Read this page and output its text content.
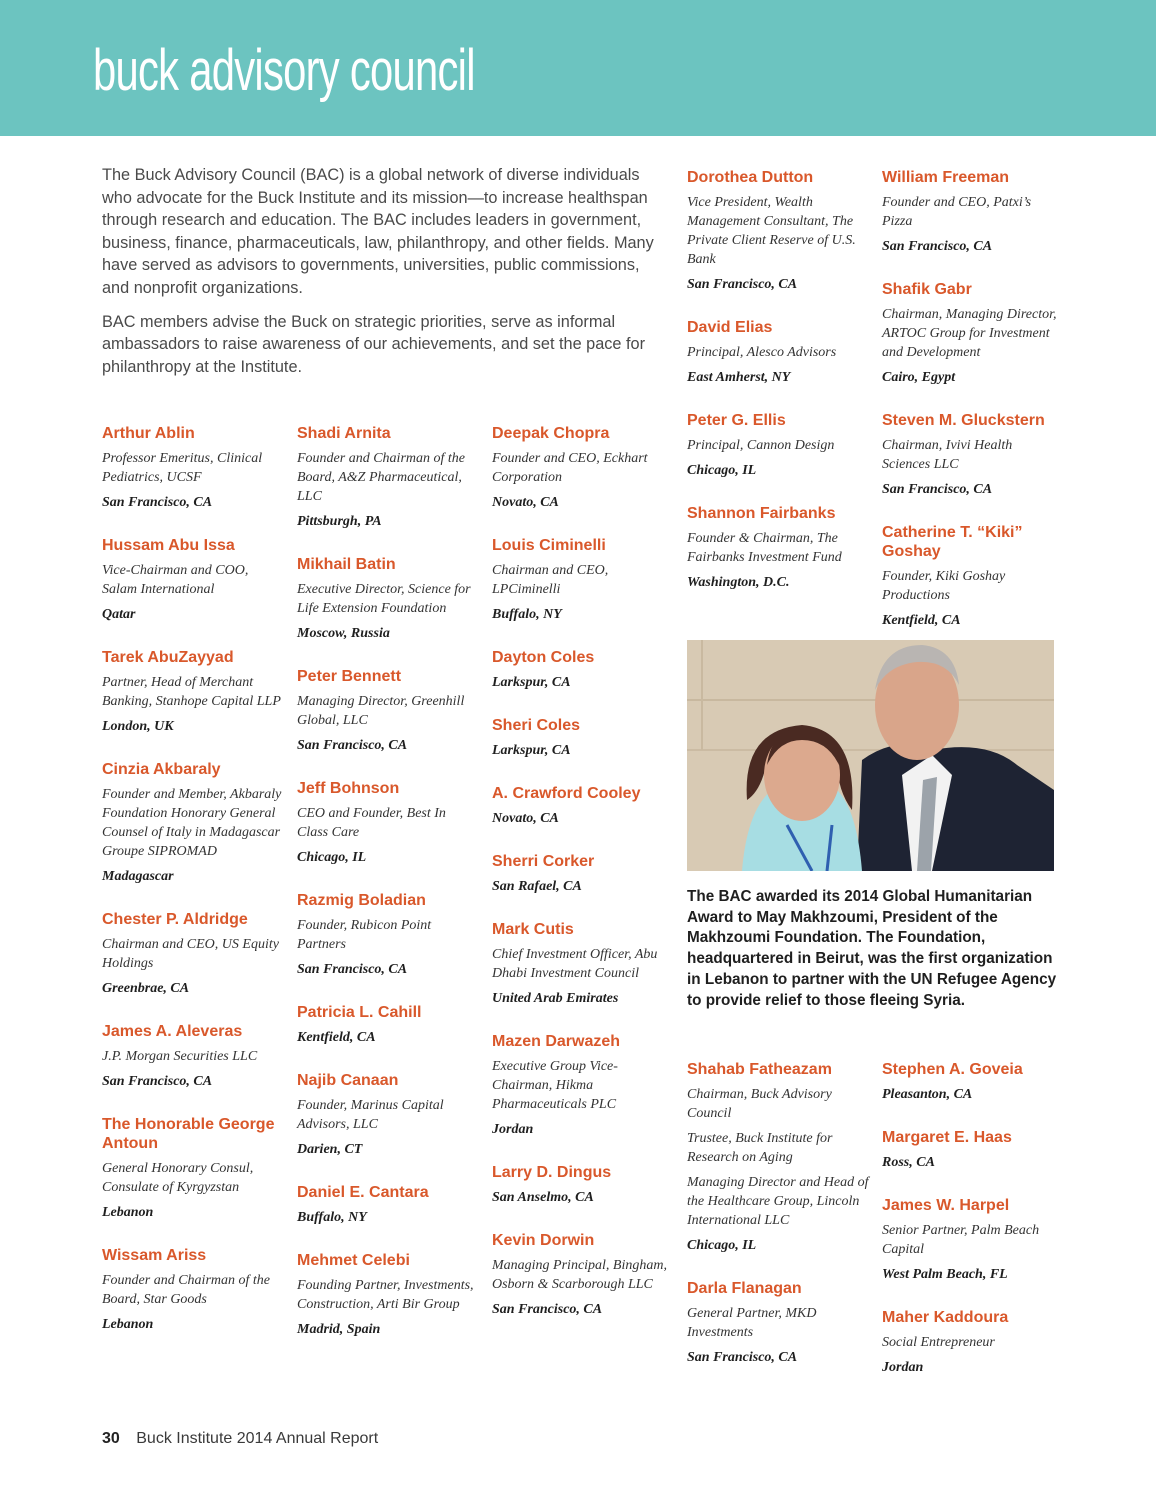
buck advisory council

The Buck Advisory Council (BAC) is a global network of diverse individuals who advocate for the Buck Institute and its mission—to increase healthspan through research and education. The BAC includes leaders in government, business, finance, pharmaceuticals, law, philanthropy, and other fields. Many have served as advisors to governments, universities, public commissions, and nonprofit organizations.

BAC members advise the Buck on strategic priorities, serve as informal ambassadors to raise awareness of our achievements, and set the pace for philanthropy at the Institute.

Arthur Ablin
Professor Emeritus, Clinical Pediatrics, UCSF
San Francisco, CA
Hussam Abu Issa
Vice-Chairman and COO, Salam International
Qatar
Tarek AbuZayyad
Partner, Head of Merchant Banking, Stanhope Capital LLP
London, UK
Cinzia Akbaraly
Founder and Member, Akbaraly Foundation Honorary General Counsel of Italy in Madagascar Groupe SIPROMAD
Madagascar
Chester P. Aldridge
Chairman and CEO, US Equity Holdings
Greenbrae, CA
James A. Aleveras
J.P. Morgan Securities LLC
San Francisco, CA
The Honorable George Antoun
General Honorary Consul, Consulate of Kyrgyzstan
Lebanon
Wissam Ariss
Founder and Chairman of the Board, Star Goods
Lebanon
Shadi Arnita
Founder and Chairman of the Board, A&Z Pharmaceutical, LLC
Pittsburgh, PA
Mikhail Batin
Executive Director, Science for Life Extension Foundation
Moscow, Russia
Peter Bennett
Managing Director, Greenhill Global, LLC
San Francisco, CA
Jeff Bohnson
CEO and Founder, Best In Class Care
Chicago, IL
Razmig Boladian
Founder, Rubicon Point Partners
San Francisco, CA
Patricia L. Cahill
Kentfield, CA
Najib Canaan
Founder, Marinus Capital Advisors, LLC
Darien, CT
Daniel E. Cantara
Buffalo, NY
Mehmet Celebi
Founding Partner, Investments, Construction, Arti Bir Group
Madrid, Spain
Deepak Chopra
Founder and CEO, Eckhart Corporation
Novato, CA
Louis Ciminelli
Chairman and CEO, LPCiminelli
Buffalo, NY
Dayton Coles
Larkspur, CA
Sheri Coles
Larkspur, CA
A. Crawford Cooley
Novato, CA
Sherri Corker
San Rafael, CA
Mark Cutis
Chief Investment Officer, Abu Dhabi Investment Council
United Arab Emirates
Mazen Darwazeh
Executive Group Vice-Chairman, Hikma Pharmaceuticals PLC
Jordan
Larry D. Dingus
San Anselmo, CA
Kevin Dorwin
Managing Principal, Bingham, Osborn & Scarborough LLC
San Francisco, CA
Dorothea Dutton
Vice President, Wealth Management Consultant, The Private Client Reserve of U.S. Bank
San Francisco, CA
David Elias
Principal, Alesco Advisors
East Amherst, NY
Peter G. Ellis
Principal, Cannon Design
Chicago, IL
Shannon Fairbanks
Founder & Chairman, The Fairbanks Investment Fund
Washington, D.C.
William Freeman
Founder and CEO, Patxi’s Pizza
San Francisco, CA
Shafik Gabr
Chairman, Managing Director, ARTOC Group for Investment and Development
Cairo, Egypt
Steven M. Gluckstern
Chairman, Ivivi Health Sciences LLC
San Francisco, CA
Catherine T. “Kiki” Goshay
Founder, Kiki Goshay Productions
Kentfield, CA
Shahab Fatheazam
Chairman, Buck Advisory Council
Trustee, Buck Institute for Research on Aging
Managing Director and Head of the Healthcare Group, Lincoln International LLC
Chicago, IL
Darla Flanagan
General Partner, MKD Investments
San Francisco, CA
Stephen A. Goveia
Pleasanton, CA
Margaret E. Haas
Ross, CA
James W. Harpel
Senior Partner, Palm Beach Capital
West Palm Beach, FL
Maher Kaddoura
Social Entrepreneur
Jordan

The BAC awarded its 2014 Global Humanitarian Award to May Makhzoumi, President of the Makhzoumi Foundation. The Foundation, headquartered in Beirut, was the first organization in Lebanon to partner with the UN Refugee Agency to provide relief to those fleeing Syria.

30 Buck Institute 2014 Annual Report
